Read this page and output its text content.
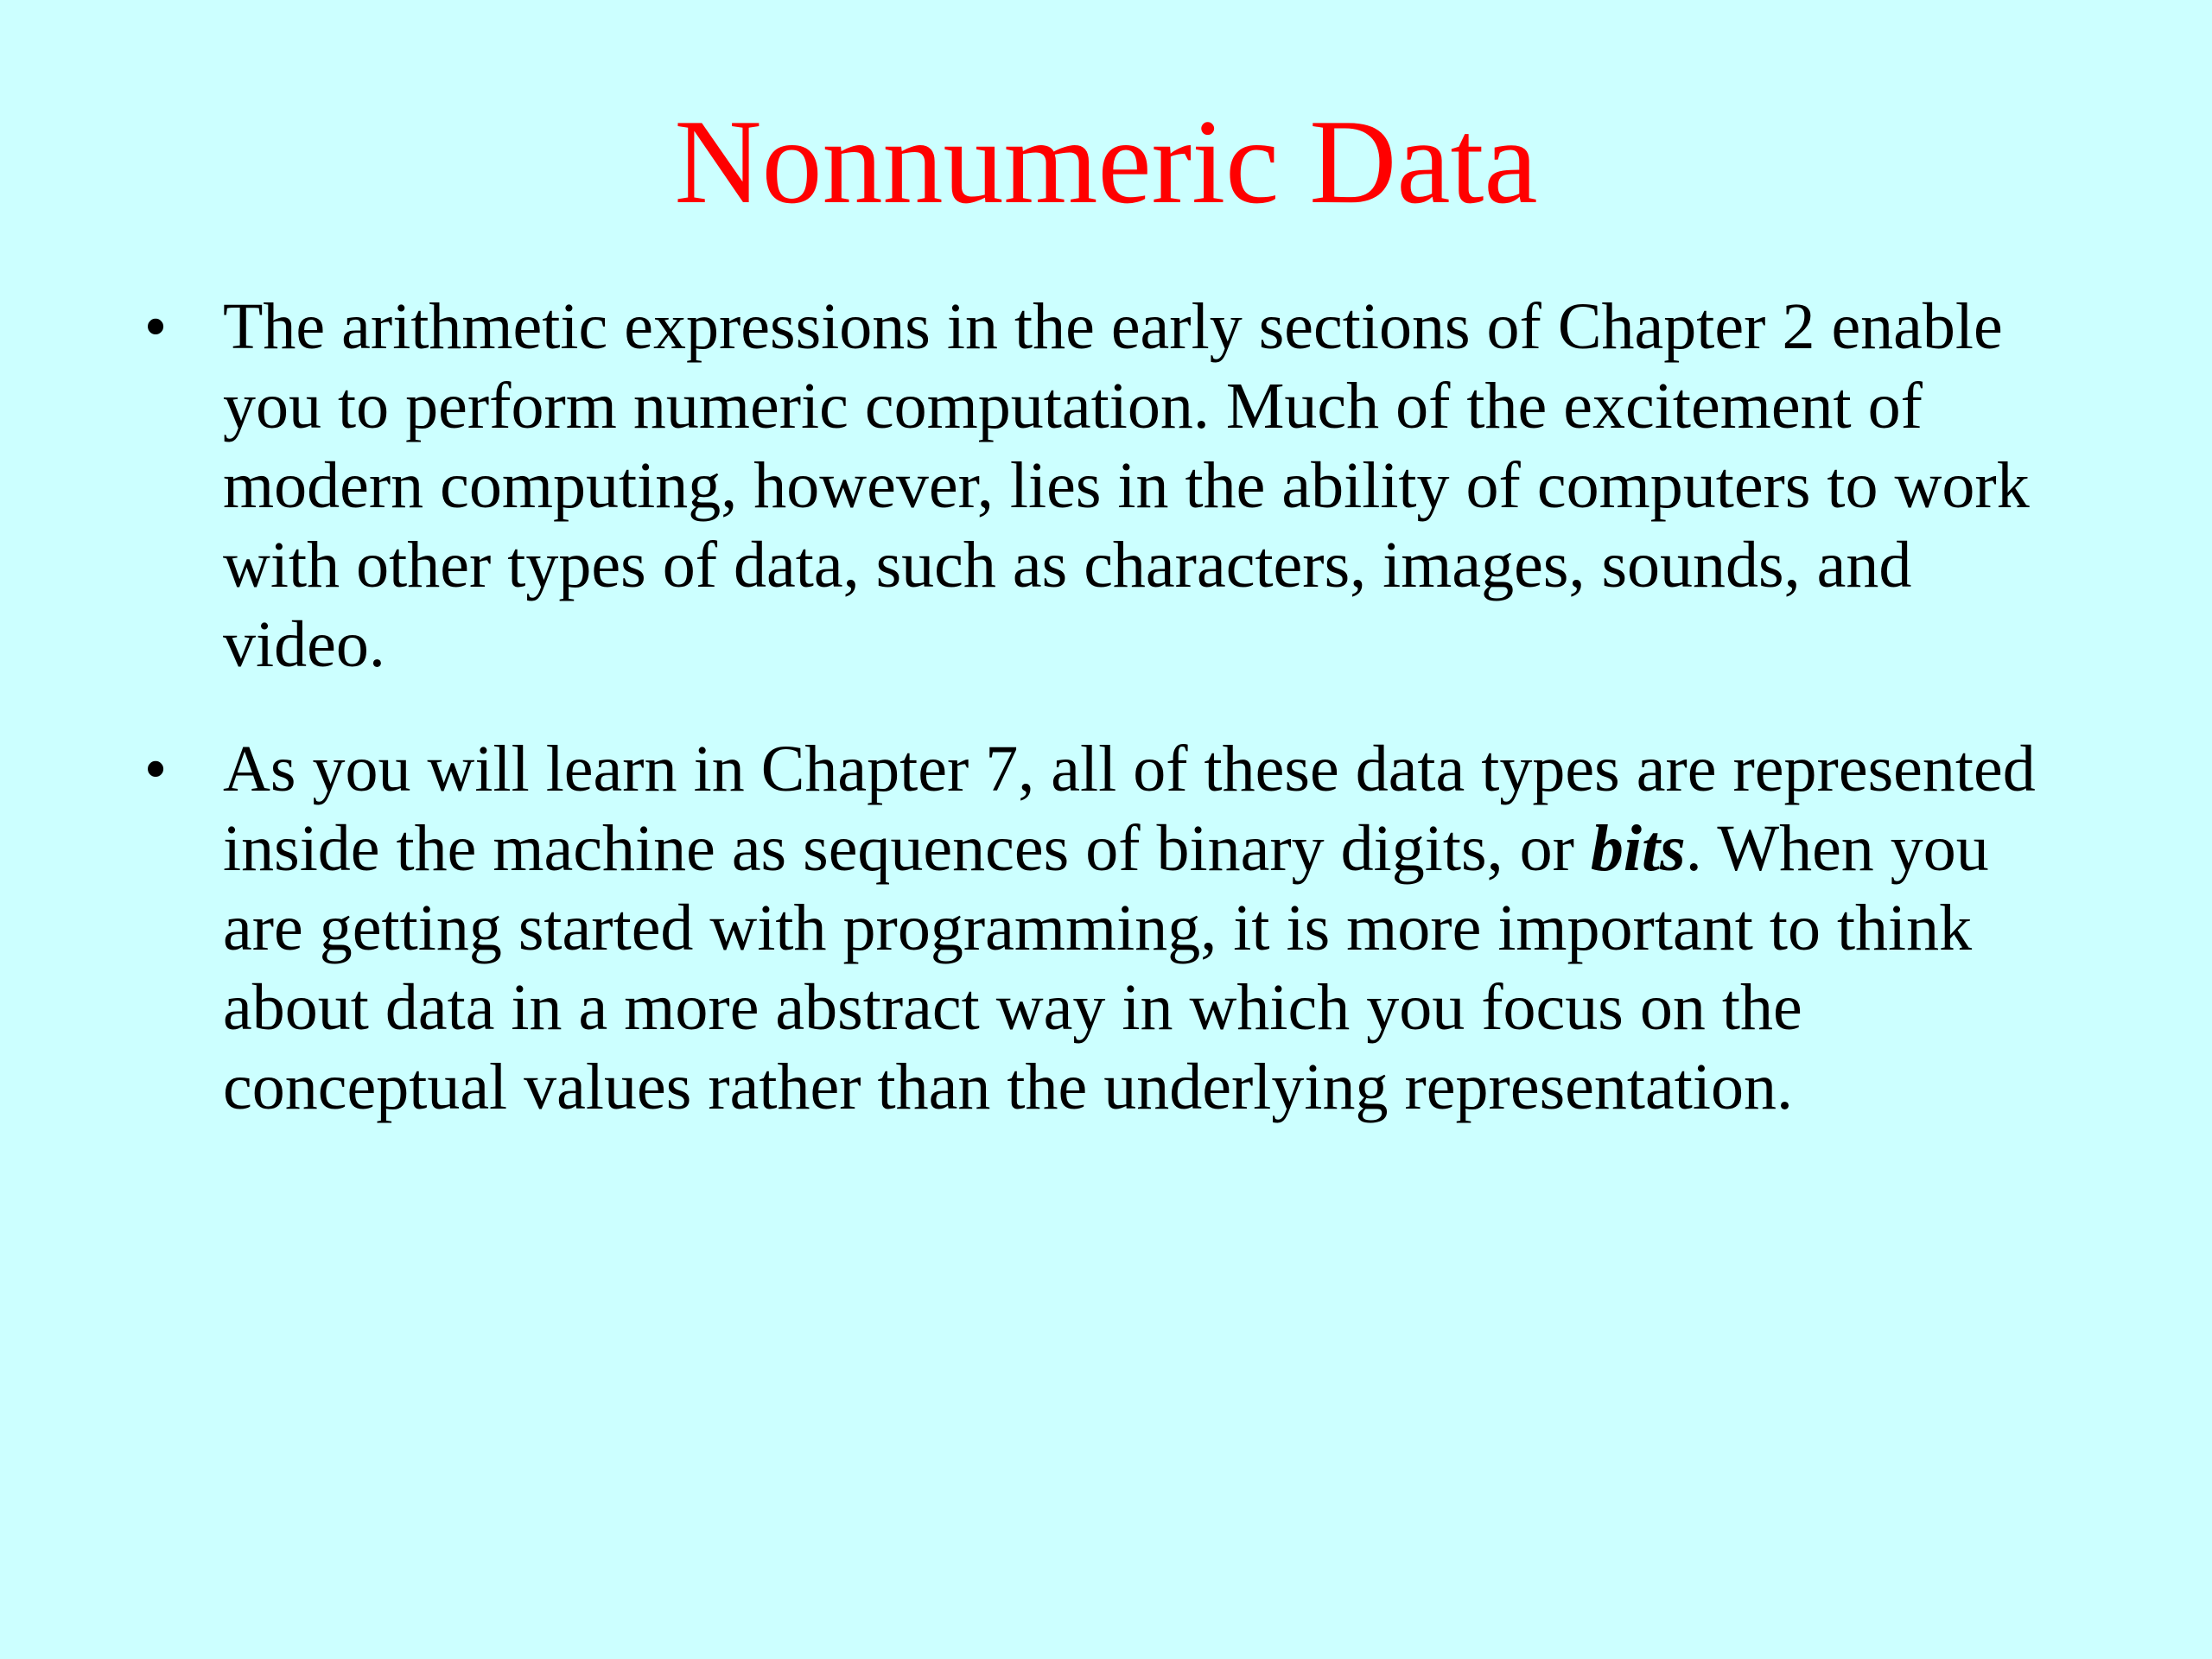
Nonnumeric Data
• The arithmetic expressions in the early sections of Chapter 2 enable you to perform numeric computation. Much of the excitement of modern computing, however, lies in the ability of computers to work with other types of data, such as characters, images, sounds, and video.
• As you will learn in Chapter 7, all of these data types are represented inside the machine as sequences of binary digits, or bits. When you are getting started with programming, it is more important to think about data in a more abstract way in which you focus on the conceptual values rather than the underlying representation.
